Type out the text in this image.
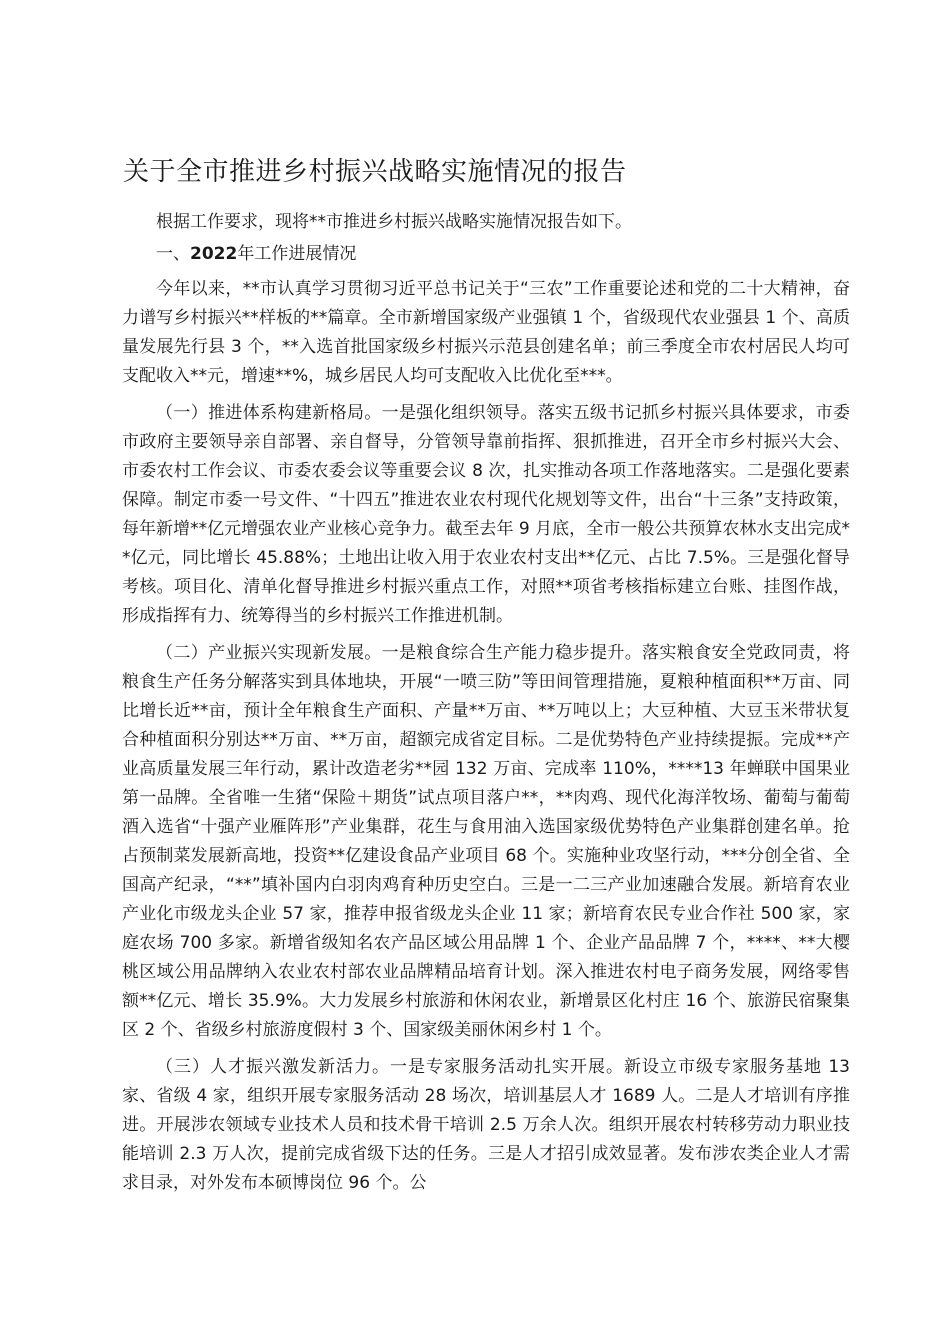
关于全市推进乡村振兴战略实施情况的报告

根据工作要求，现将**市推进乡村振兴战略实施情况报告如下。

一、2022年工作进展情况

今年以来，**市认真学习贯彻习近平总书记关于“三农”工作重要论述和党的二十大精神，奋力谱写乡村振兴**样板的**篇章。全市新增国家级产业强镇 1 个，省级现代农业强县 1 个、高质量发展先行县 3 个，**入选首批国家级乡村振兴示范县创建名单；前三季度全市农村居民人均可支配收入**元，增速**%，城乡居民人均可支配收入比优化至***。

（一）推进体系构建新格局。一是强化组织领导。落实五级书记抓乡村振兴具体要求，市委市政府主要领导亲自部署、亲自督导，分管领导靠前指挥、狠抓推进，召开全市乡村振兴大会、市委农村工作会议、市委农委会议等重要会议 8 次，扎实推动各项工作落地落实。二是强化要素保障。制定市委一号文件、“十四五”推进农业农村现代化规划等文件，出台“十三条”支持政策，每年新增**亿元增强农业产业核心竞争力。截至去年 9 月底，全市一般公共预算农林水支出完成**亿元，同比增长 45.88%；土地出让收入用于农业农村支出**亿元、占比 7.5%。三是强化督导考核。项目化、清单化督导推进乡村振兴重点工作，对照**项省考核指标建立台账、挂图作战，形成指挥有力、统筹得当的乡村振兴工作推进机制。

（二）产业振兴实现新发展。一是粮食综合生产能力稳步提升。落实粮食安全党政同责，将粮食生产任务分解落实到具体地块，开展“一喷三防”等田间管理措施，夏粮种植面积**万亩、同比增长近**亩，预计全年粮食生产面积、产量**万亩、**万吨以上；大豆种植、大豆玉米带状复合种植面积分别达**万亩、**万亩，超额完成省定目标。二是优势特色产业持续提振。完成**产业高质量发展三年行动，累计改造老劣**园 132 万亩、完成率 110%，****13 年蝉联中国果业第一品牌。全省唯一生猪“保险＋期货”试点项目落户**，**肉鸡、现代化海洋牧场、葡萄与葡萄酒入选省“十强产业雁阵形”产业集群，花生与食用油入选国家级优势特色产业集群创建名单。抢占预制菜发展新高地，投资**亿建设食品产业项目 68 个。实施种业攻坚行动，***分创全省、全国高产纪录，“**”填补国内白羽肉鸡育种历史空白。三是一二三产业加速融合发展。新培育农业产业化市级龙头企业 57 家，推荐申报省级龙头企业 11 家；新培育农民专业合作社 500 家，家庭农场 700 多家。新增省级知名农产品区域公用品牌 1 个、企业产品品牌 7 个，****、**大樱桃区域公用品牌纳入农业农村部农业品牌精品培育计划。深入推进农村电子商务发展，网络零售额**亿元、增长 35.9%。大力发展乡村旅游和休闲农业，新增景区化村庄 16 个、旅游民宿聚集区 2 个、省级乡村旅游度假村 3 个、国家级美丽休闲乡村 1 个。

（三）人才振兴激发新活力。一是专家服务活动扎实开展。新设立市级专家服务基地 13 家、省级 4 家，组织开展专家服务活动 28 场次，培训基层人才 1689 人。二是人才培训有序推进。开展涉农领域专业技术人员和技术骨干培训 2.5 万余人次。组织开展农村转移劳动力职业技能培训 2.3 万人次，提前完成省级下达的任务。三是人才招引成效显著。发布涉农类企业人才需求目录，对外发布本硕博岗位 96 个。公
